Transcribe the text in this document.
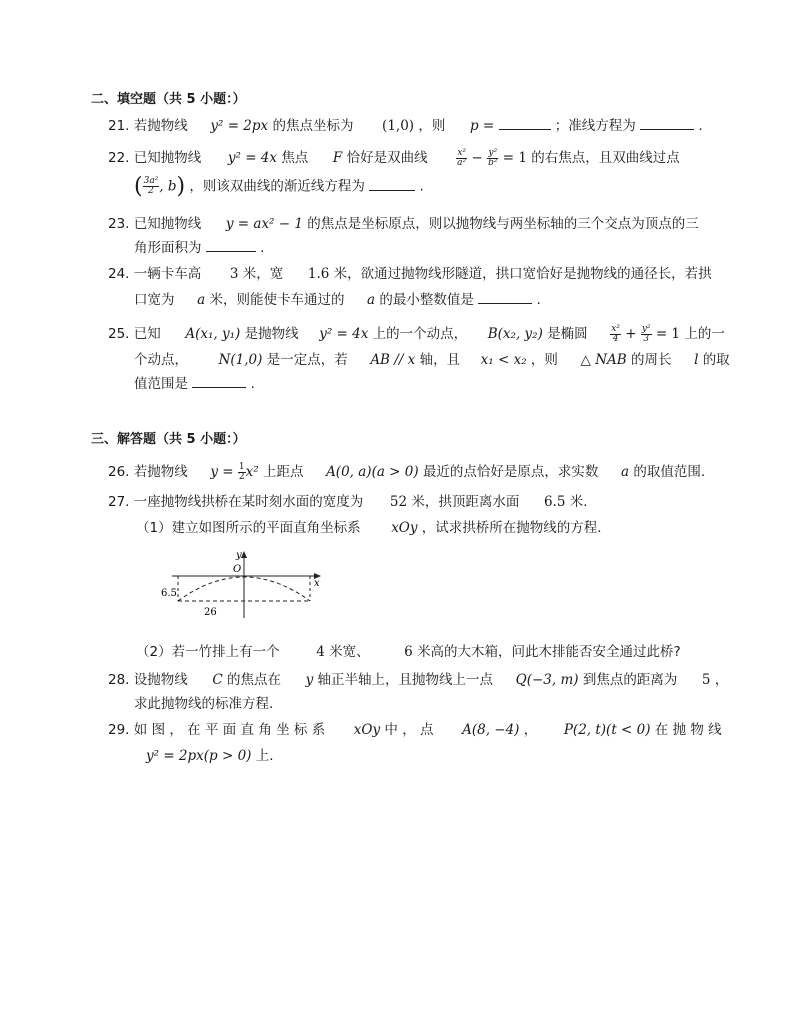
二、填空题（共 5 小题：）
21. 若抛物线 y² = 2px 的焦点坐标为 (1,0) ，则 p =	；准线方程为	.
22. 已知抛物线 y² = 4x 焦点 F 恰好是双曲线	$\frac{\text{x²}}{\text{a²}} - \frac{\text{y²}}{\text{b²}} = 1$ 的右焦点，且双曲线过点
( $\frac{\text{3a²}}{2}$ , b) ，则该双曲线的渐近线方程为	.
23. 已知抛物线 y = ax² − 1 的焦点是坐标原点，则以抛物线与两坐标轴的三个交点为顶点的三
角形面积为	.
24. 一辆卡车高 3 米，宽 1.6 米，欲通过抛物线形隧道，拱口宽恰好是抛物线的通径长，若拱
口宽为 a 米，则能使卡车通过的 a 的最小整数值是	.
25. 已知 A(x₁, y₁) 是抛物线 y² = 4x 上的一个动点， B(x₂, y₂) 是椭圆	$\frac{\text{x²}}{4} + \frac{\text{y²}}{3} = 1$ 上的一
个动点， N(1,0) 是一定点，若 AB // x 轴，且 x₁ < x₂ ，则 △ NAB 的周长 l 的取
值范围是	.
三、解答题（共 5 小题：）
26. 若抛物线 $y = \frac{1}{2} x^2$ 上距点 A(0, a)(a > 0) 最近的点恰好是原点，求实数 a 的取值范围.
27. 一座抛物线拱桥在某时刻水面的宽度为 52 米，拱顶距离水面 6.5 米.
（1）建立如图所示的平面直角坐标系 xOy ，试求拱桥所在抛物线的方程.
y
O
x
6.5
26
（2）若一竹排上有一个	4 米宽、	6 米高的大木箱，问此木排能否安全通过此桥?
28. 设抛物线 C 的焦点在 y 轴正半轴上，且抛物线上一点 Q(−3, m) 到焦点的距离为 5 ，
求此抛物线的标准方程.
29. 如 图 ， 在 平 面 直 角 坐 标 系 xOy 中 ， 点 A(8, −4) ， P(2, t)(t < 0) 在 抛 物 线
y² = 2px(p > 0) 上.
